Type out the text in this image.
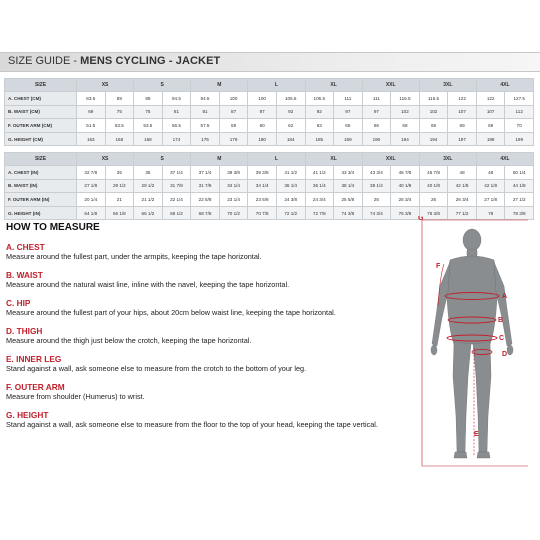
SIZE GUIDE - MENS CYCLING - JACKET
SIZE	XS		S		M		L		XL		XXL		3XL		4XL	
A. CHEST (CM)	83.5	89	89	94.5	94.5	100	100	105.5	105.5	111	111	116.5	116.5	122	122	127.5
B. WAIST (CM)	69	75	75	81	81	87	87	92	92	97	97	102	102	107	107	112
F. OUTER ARM (CM)	51.5	53.5	53.5	56.5	57.5	59	60	62	63	65	66	68	68	69	69	70
G. HEIGHT (CM)	163	168	168	174	175	179	180	184	185	189	190	194	194	197	198	199
SIZE	XS		S		M		L		XL		XXL		3XL		4XL	
A. CHEST (IN)	32 7/8	35	35	37 1/4	37 1/4	39 3/8	39 3/8	41 1/2	41 1/2	43 3/4	43 3/4	45 7/8	45 7/8	48	48	50 1/4
B. WAIST (IN)	27 1/8	29 1/2	29 1/2	31 7/8	31 7/8	34 1/4	34 1/4	36 1/4	36 1/4	38 1/4	38 1/4	40 1/8	40 1/8	42 1/8	42 1/8	44 1/8
F. OUTER ARM (IN)	20 1/4	21	21 1/2	22 1/4	22 5/8	23 1/4	23 5/8	24 3/8	24 3/4	25 5/8	26	26 3/4	26	26 3/4	27 1/8	27 1/2
G. HEIGHT (IN)	64 1/8	66 1/8	66 1/2	68 1/2	68 7/8	70 1/2	70 7/8	72 1/2	72 7/8	74 3/8	74 3/4	76 3/8	76 3/8	77 1/2	78	78 3/8
HOW TO MEASURE
A. CHEST
Measure around the fullest part, under the armpits, keeping the tape horizontal.
B. WAIST
Measure around the natural waist line, inline with the navel, keeping the tape horizontal.
C. HIP
Measure around the fullest part of your hips, about 20cm below waist line, keeping the tape horizontal.
D. THIGH
Measure around the thigh just below the crotch, keeping the tape horizontal.
E. INNER LEG
Stand against a wall, ask someone else to measure from the crotch to the bottom of your leg.
F. OUTER ARM
Measure from shoulder (Humerus) to wrist.
G. HEIGHT
Stand against a wall, ask someone else to measure from the floor to the top of your head, keeping the tape vertical.
G
F
A
B
C
D
E
